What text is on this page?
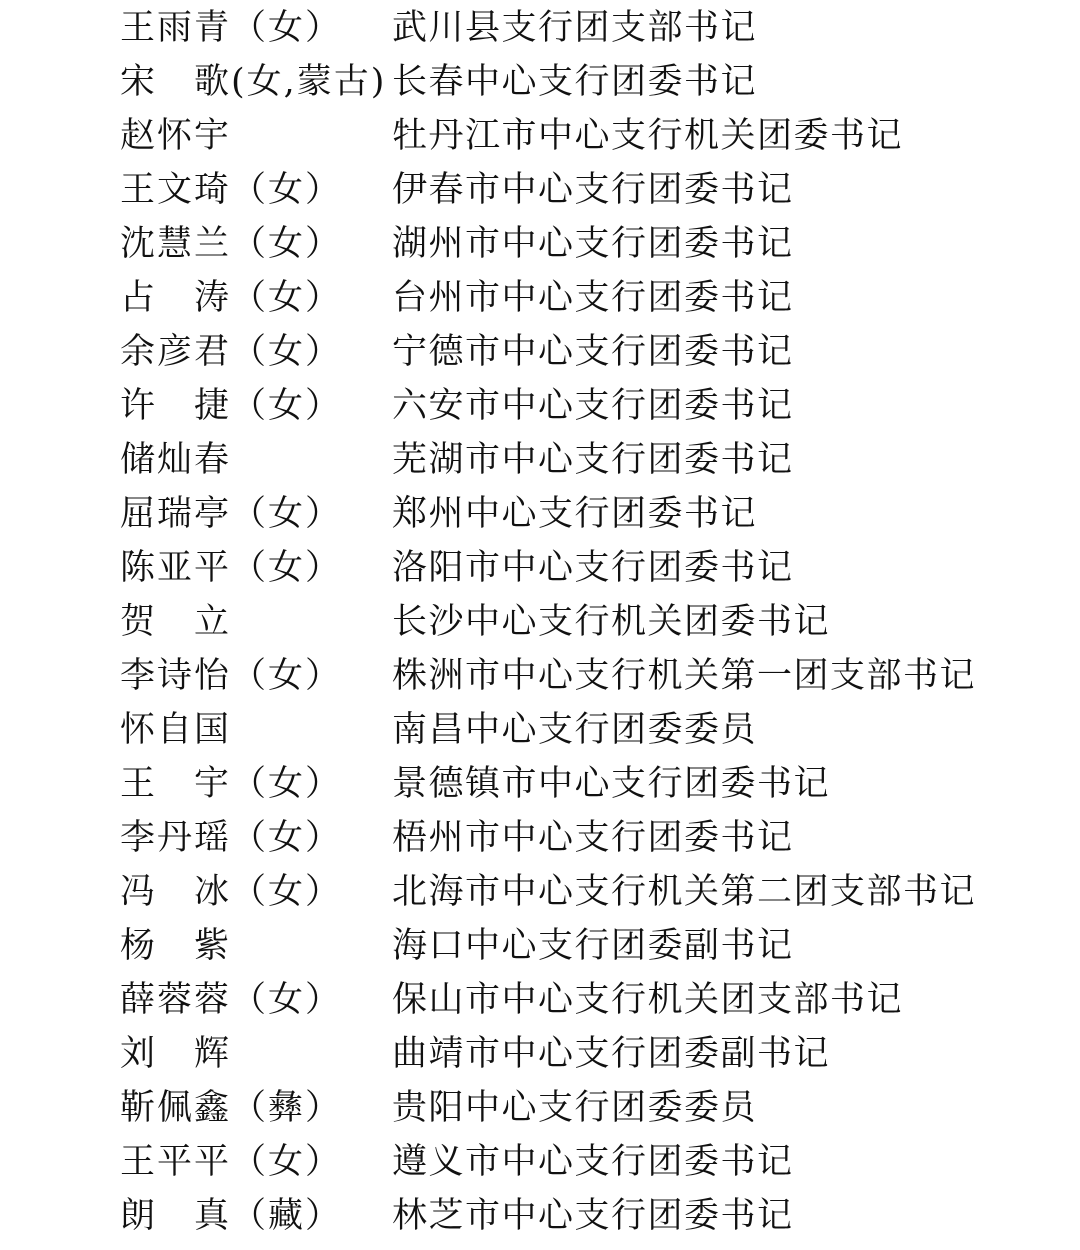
王雨青（女） 武川县支行团支部书记
宋　歌(女,蒙古) 长春中心支行团委书记
赵怀宇	牡丹江市中心支行机关团委书记
王文琦（女） 伊春市中心支行团委书记
沈慧兰（女） 湖州市中心支行团委书记
占　涛（女） 台州市中心支行团委书记
余彦君（女） 宁德市中心支行团委书记
许　捷（女） 六安市中心支行团委书记
储灿春	芜湖市中心支行团委书记
屈瑞亭（女） 郑州中心支行团委书记
陈亚平（女） 洛阳市中心支行团委书记
贺　立	长沙中心支行机关团委书记
李诗怡（女） 株洲市中心支行机关第一团支部书记
怀自国	南昌中心支行团委委员
王　宇（女） 景德镇市中心支行团委书记
李丹瑶（女） 梧州市中心支行团委书记
冯　冰（女） 北海市中心支行机关第二团支部书记
杨　紫	海口中心支行团委副书记
薛蓉蓉（女） 保山市中心支行机关团支部书记
刘　辉	曲靖市中心支行团委副书记
靳佩鑫（彝） 贵阳中心支行团委委员
王平平（女） 遵义市中心支行团委书记
朗　真（藏） 林芝市中心支行团委书记
